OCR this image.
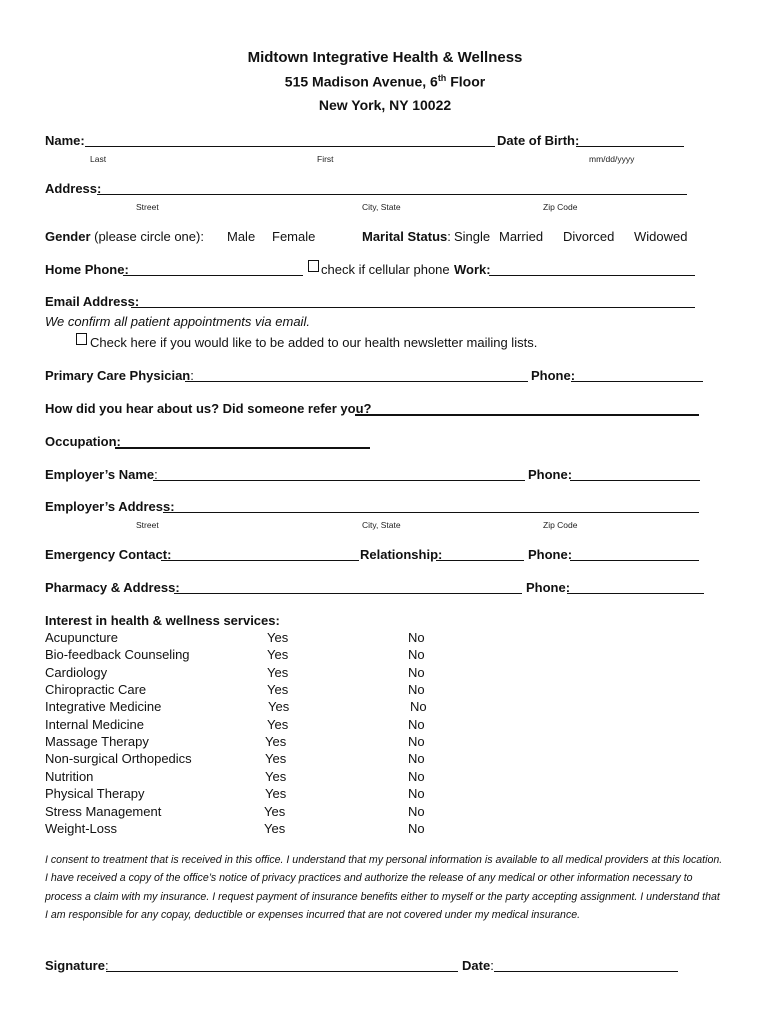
Midtown Integrative Health & Wellness
515 Madison Avenue, 6th Floor
New York, NY 10022
Name:	Date of Birth:
Last	First	mm/dd/yyyy
Address:
Street	City, State	Zip Code
Gender (please circle one): Male Female	Marital Status: Single Married Divorced Widowed
Home Phone:	check if cellular phone Work:
Email Address:
We confirm all patient appointments via email.
Check here if you would like to be added to our health newsletter mailing lists.
Primary Care Physician:	Phone:
How did you hear about us? Did someone refer you?
Occupation:
Employer’s Name:	Phone:
Employer’s Address:
Street	City, State	Zip Code
Emergency Contact:	Relationship:	Phone:
Pharmacy & Address:	Phone:
Interest in health & wellness services:
Acupuncture	Yes	No
Bio-feedback Counseling	Yes	No
Cardiology	Yes	No
Chiropractic Care	Yes	No
Integrative Medicine	Yes	No
Internal Medicine	Yes	No
Massage Therapy	Yes	No
Non-surgical Orthopedics	Yes	No
Nutrition	Yes	No
Physical Therapy	Yes	No
Stress Management	Yes	No
Weight-Loss	Yes	No
I consent to treatment that is received in this office. I understand that my personal information is available to all medical providers at this location. I have received a copy of the office’s notice of privacy practices and authorize the release of any medical or other information necessary to process a claim with my insurance. I request payment of insurance benefits either to myself or the party accepting assignment. I understand that I am responsible for any copay, deductible or expenses incurred that are not covered under my medical insurance.
Signature:	Date:
